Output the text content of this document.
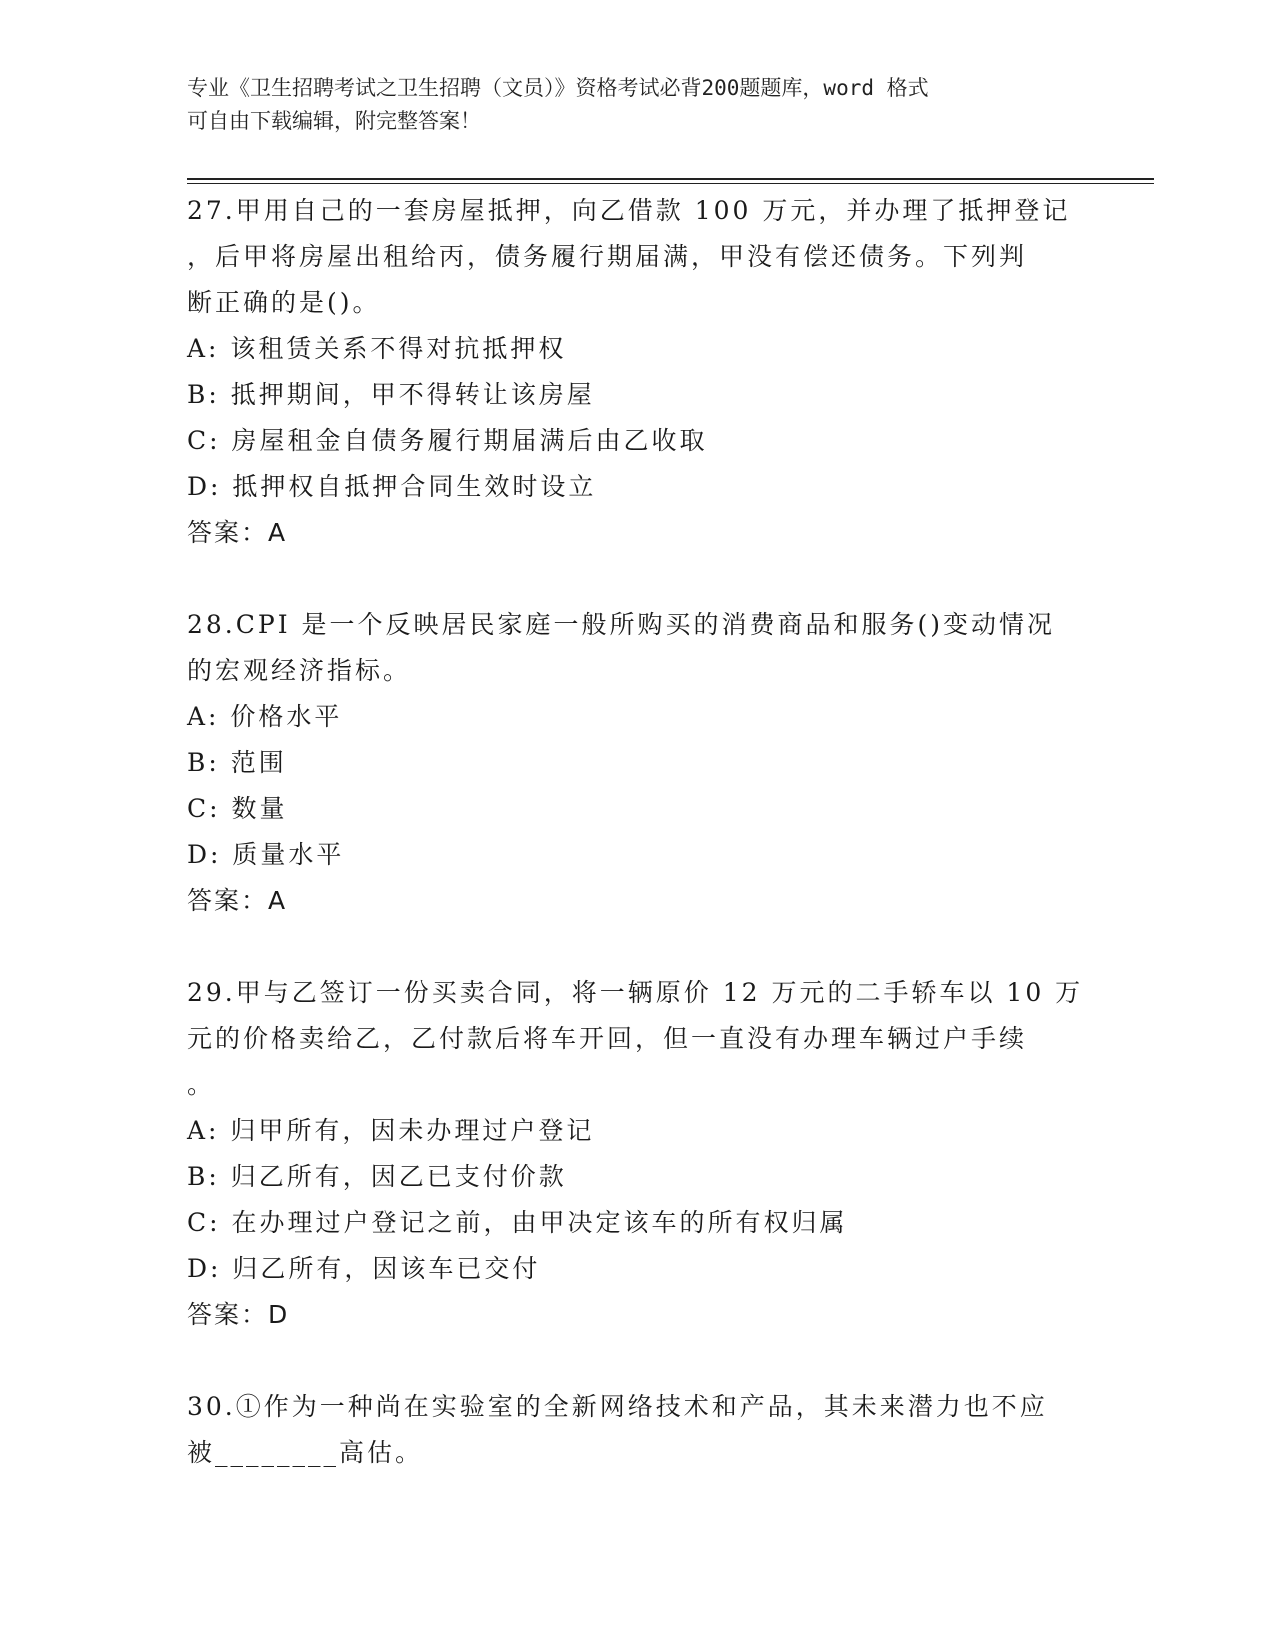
专业《卫生招聘考试之卫生招聘（文员）》资格考试必背200题题库，word 格式
可自由下载编辑，附完整答案！
27.甲用自己的一套房屋抵押，向乙借款 100 万元，并办理了抵押登记
，后甲将房屋出租给丙，债务履行期届满，甲没有偿还债务。下列判
断正确的是()。
A: 该租赁关系不得对抗抵押权
B: 抵押期间，甲不得转让该房屋
C: 房屋租金自债务履行期届满后由乙收取
D: 抵押权自抵押合同生效时设立
答案：A
28.CPI 是一个反映居民家庭一般所购买的消费商品和服务()变动情况
的宏观经济指标。
A: 价格水平
B: 范围
C: 数量
D: 质量水平
答案：A
29.甲与乙签订一份买卖合同，将一辆原价 12 万元的二手轿车以 10 万
元的价格卖给乙，乙付款后将车开回，但一直没有办理车辆过户手续
。
A: 归甲所有，因未办理过户登记
B: 归乙所有，因乙已支付价款
C: 在办理过户登记之前，由甲决定该车的所有权归属
D: 归乙所有，因该车已交付
答案：D
30.①作为一种尚在实验室的全新网络技术和产品，其未来潜力也不应
被________高估。
